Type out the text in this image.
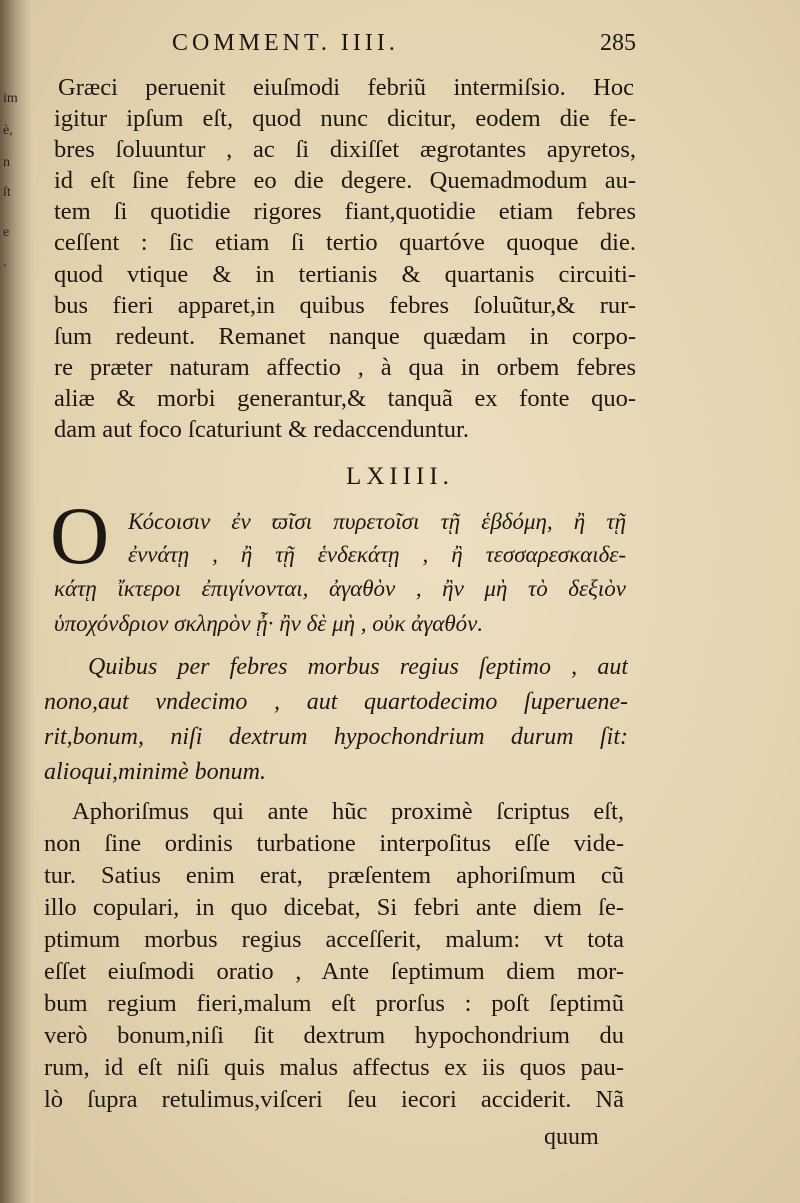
im
è,
n
ſt
e
.
COMMENT. IIII.	285
Græci peruenit eiuſmodi febriũ intermiſsio. Hoc
igitur ipſum eſt, quod nunc dicitur, eodem die fe-
bres ſoluuntur , ac ſi dixiſſet ægrotantes apyretos,
id eſt ſine febre eo die degere. Quemadmodum au-
tem ſi quotidie rigores fiant,quotidie etiam febres
ceſſent : ſic etiam ſi tertio quartóve quoque die.
quod vtique & in tertianis & quartanis circuiti-
bus fieri apparet,in quibus febres ſoluũtur,& rur-
ſum redeunt. Remanet nanque quædam in corpo-
re præter naturam affectio , à qua in orbem febres
aliæ & morbi generantur,& tanquã ex fonte quo-
dam aut foco ſcaturiunt & redaccenduntur.
LXIIII.
O Κόϲοισιν ἐν ϖῖσι πυρετοῖσι τῇ ἑβδόμη, ἢ τῇ
ἐννάτῃ , ἢ τῇ ἑνδεκάτῃ , ἢ τεσσαρεσκαιδε-
κάτῃ ἴκτεροι ἐπιγίνονται, ἀγαθὸν , ἢν μὴ τὸ δεξιὸν
ὑποχόνδριον σκληρὸν ᾖ· ἢν δὲ μὴ , οὐκ ἀγαθόν.
Quibus per febres morbus regius ſeptimo , aut
nono,aut vndecimo , aut quartodecimo ſuperuene-
rit,bonum, niſi dextrum hypochondrium durum ſit:
alioqui,minimè bonum.
Aphoriſmus qui ante hũc proximè ſcriptus eſt,
non ſine ordinis turbatione interpoſitus eſſe vide-
tur. Satius enim erat, præſentem aphoriſmum cũ
illo copulari, in quo dicebat, Si febri ante diem ſe-
ptimum morbus regius acceſſerit, malum: vt tota
eſſet eiuſmodi oratio , Ante ſeptimum diem mor-
bum regium fieri,malum eſt prorſus : poſt ſeptimũ
verò bonum,niſi ſit dextrum hypochondrium du
rum, id eſt niſi quis malus affectus ex iis quos pau-
lò ſupra retulimus,viſceri ſeu iecori acciderit. Nã
quum
